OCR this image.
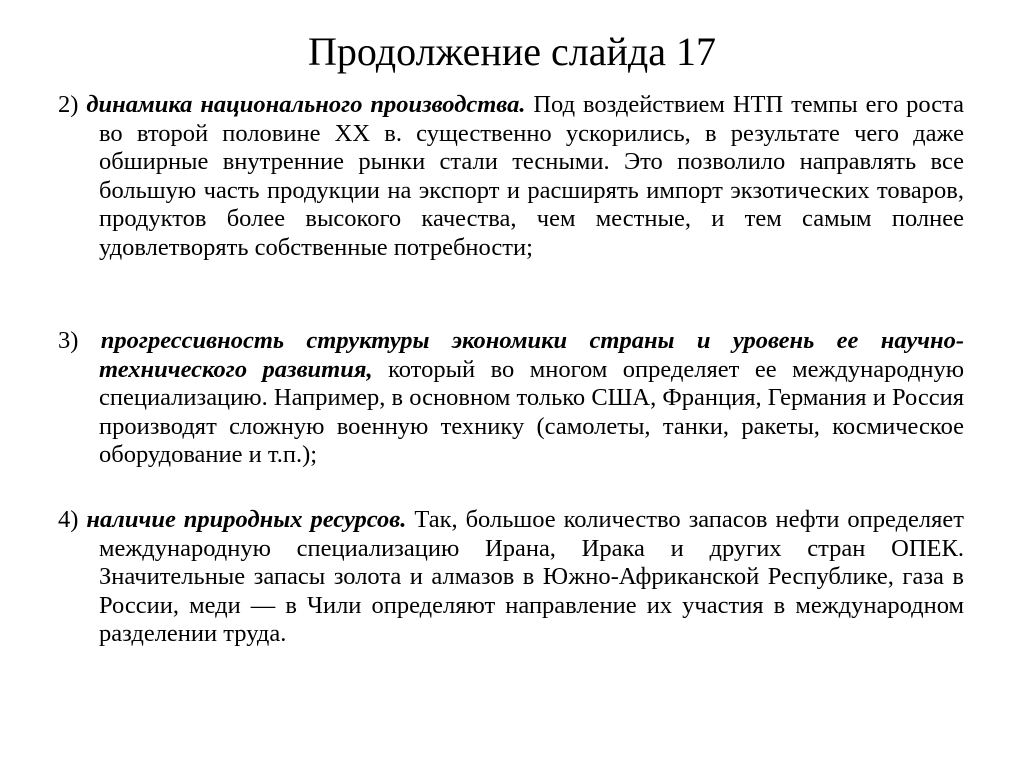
Продолжение слайда 17

2) динамика национального производства. Под воздействием НТП темпы его роста во второй половине XX в. существенно ускорились, в результате чего даже обширные внутренние рынки стали тесными. Это позволило направлять все большую часть продукции на экспорт и расширять импорт экзотических товаров, продуктов более высокого качества, чем местные, и тем самым полнее удовлетворять собственные потребности;

3) прогрессивность структуры экономики страны и уровень ее научно-технического развития, который во многом определяет ее международную специализацию. Например, в основном только США, Франция, Германия и Россия производят сложную военную технику (самолеты, танки, ракеты, космическое оборудование и т.п.);

4) наличие природных ресурсов. Так, большое количество запасов нефти определяет международную специализацию Ирана, Ирака и других стран ОПЕК. Значительные запасы золота и алмазов в Южно-Африканской Республике, газа в России, меди — в Чили определяют направление их участия в международном разделении труда.
